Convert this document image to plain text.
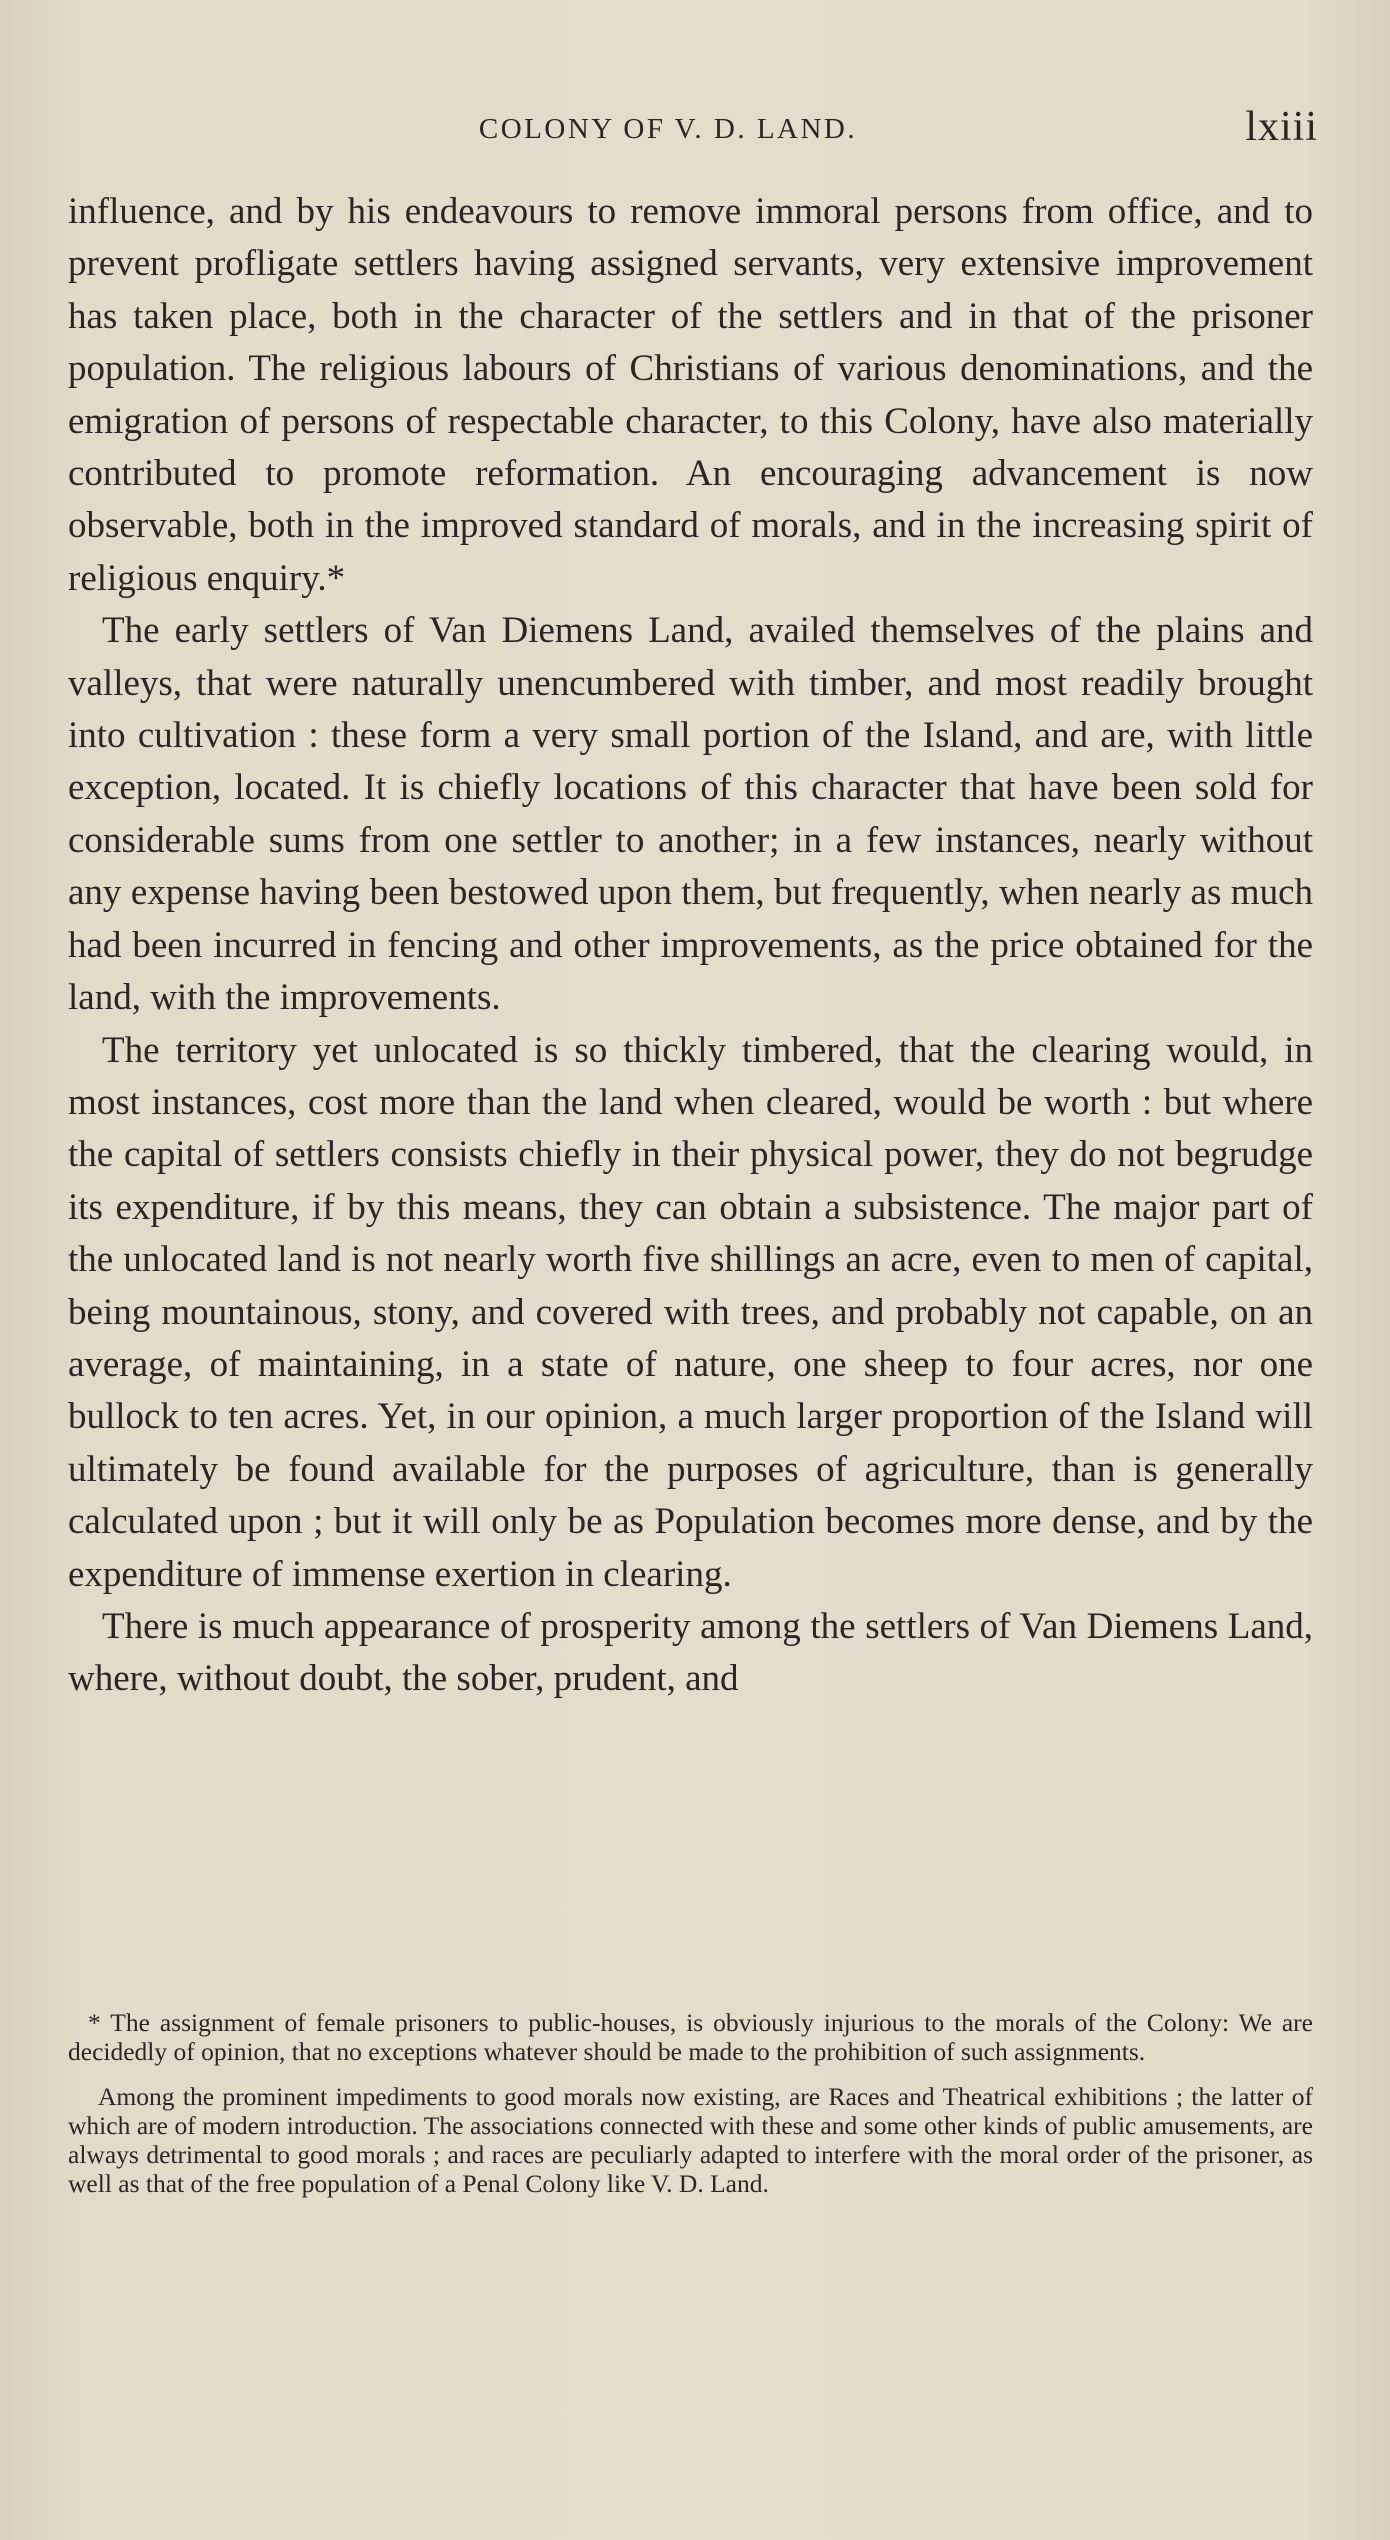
COLONY OF V. D. LAND.	lxiii

influence, and by his endeavours to remove immoral persons from office, and to prevent profligate settlers having assigned servants, very extensive improvement has taken place, both in the character of the settlers and in that of the prisoner population. The religious labours of Christians of various denominations, and the emigration of persons of respectable character, to this Colony, have also materially contributed to promote reformation. An encouraging advancement is now observable, both in the improved standard of morals, and in the increasing spirit of religious enquiry.*

The early settlers of Van Diemens Land, availed themselves of the plains and valleys, that were naturally unencumbered with timber, and most readily brought into cultivation : these form a very small portion of the Island, and are, with little exception, located. It is chiefly locations of this character that have been sold for considerable sums from one settler to another; in a few instances, nearly without any expense having been bestowed upon them, but frequently, when nearly as much had been incurred in fencing and other improvements, as the price obtained for the land, with the improvements.

The territory yet unlocated is so thickly timbered, that the clearing would, in most instances, cost more than the land when cleared, would be worth : but where the capital of settlers consists chiefly in their physical power, they do not begrudge its expenditure, if by this means, they can obtain a subsistence. The major part of the unlocated land is not nearly worth five shillings an acre, even to men of capital, being mountainous, stony, and covered with trees, and probably not capable, on an average, of maintaining, in a state of nature, one sheep to four acres, nor one bullock to ten acres. Yet, in our opinion, a much larger proportion of the Island will ultimately be found available for the purposes of agriculture, than is generally calculated upon ; but it will only be as Population becomes more dense, and by the expenditure of immense exertion in clearing.

There is much appearance of prosperity among the settlers of Van Diemens Land, where, without doubt, the sober, prudent, and

* The assignment of female prisoners to public-houses, is obviously injurious to the morals of the Colony: We are decidedly of opinion, that no exceptions whatever should be made to the prohibition of such assignments.

Among the prominent impediments to good morals now existing, are Races and Theatrical exhibitions ; the latter of which are of modern introduction. The associations connected with these and some other kinds of public amusements, are always detrimental to good morals ; and races are peculiarly adapted to interfere with the moral order of the prisoner, as well as that of the free population of a Penal Colony like V. D. Land.
